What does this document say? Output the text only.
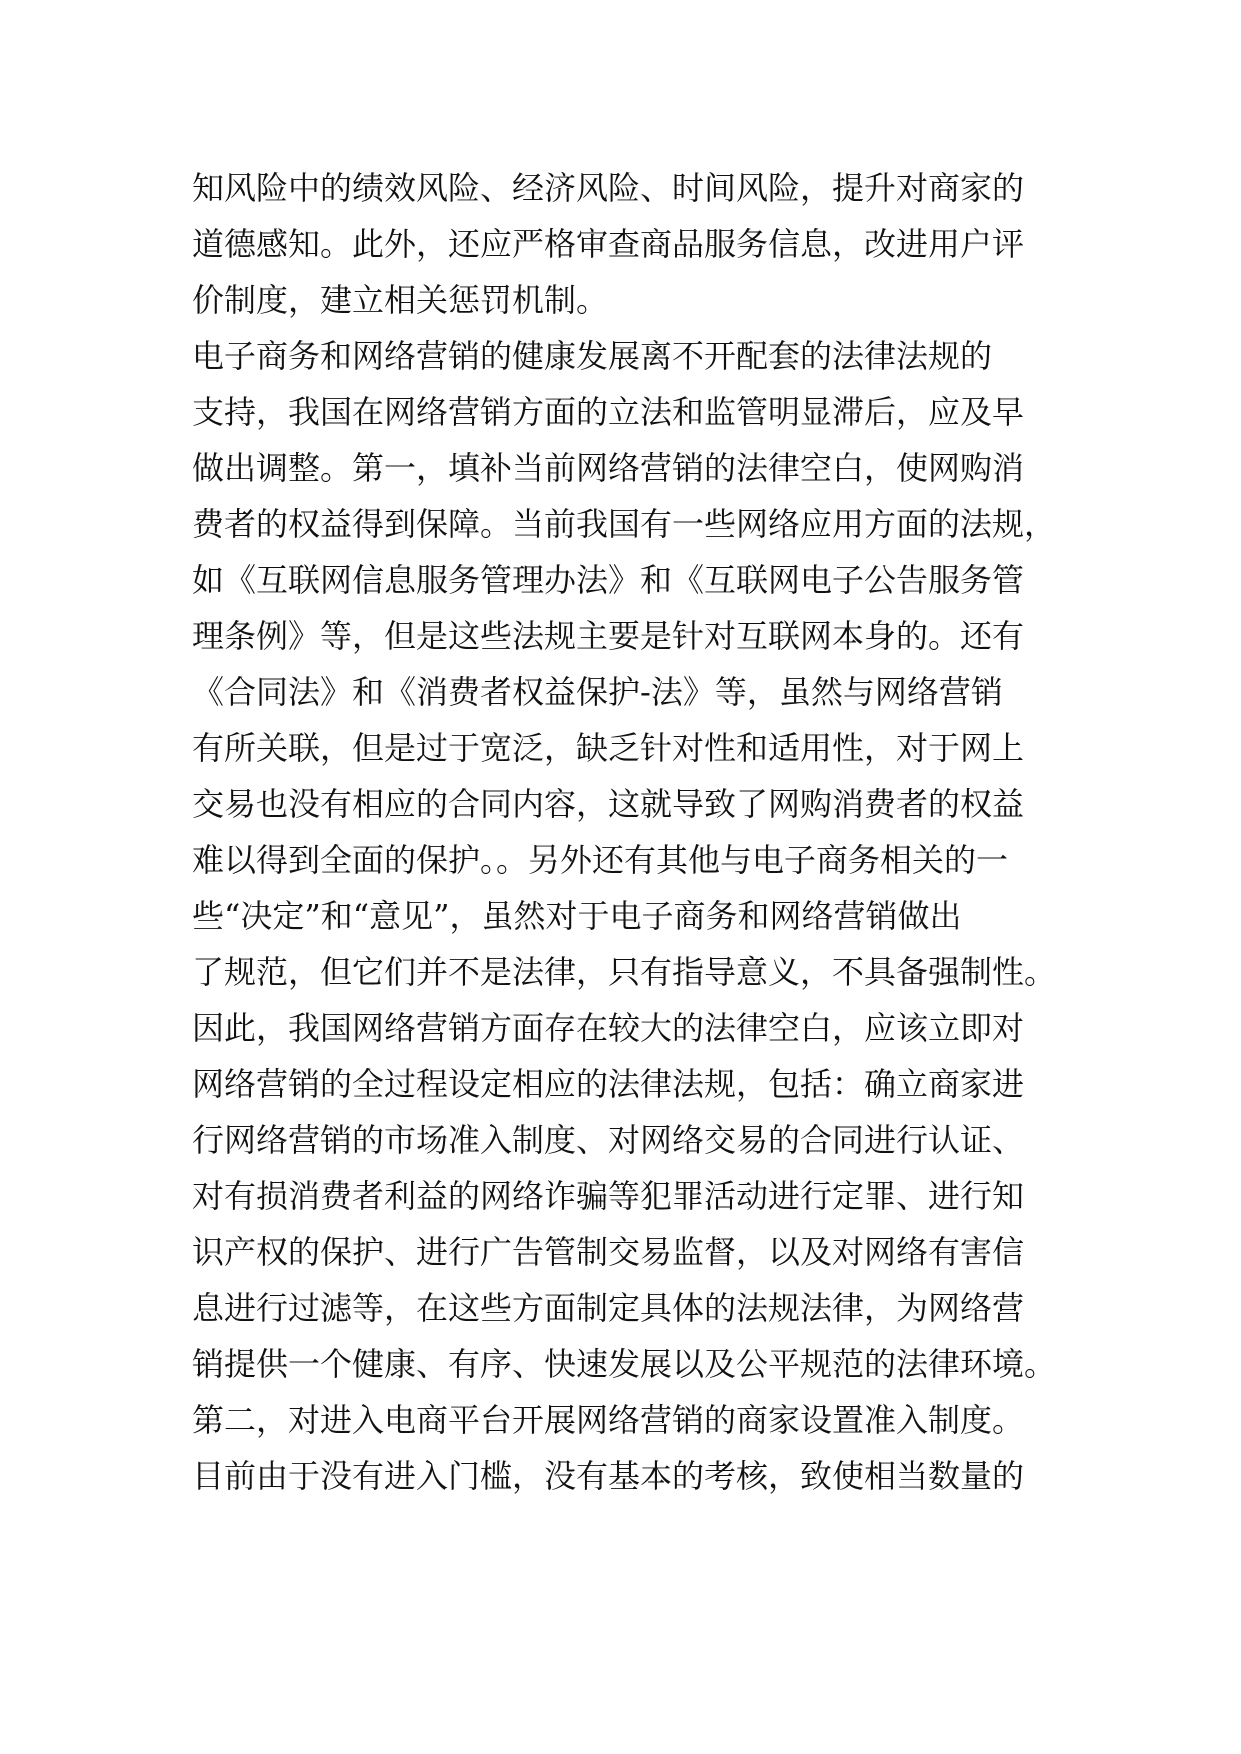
知风险中的绩效风险、经济风险、时间风险，提升对商家的
道德感知。此外，还应严格审查商品服务信息，改进用户评
价制度，建立相关惩罚机制。
电子商务和网络营销的健康发展离不开配套的法律法规的
支持，我国在网络营销方面的立法和监管明显滞后，应及早
做出调整。第一，填补当前网络营销的法律空白，使网购消
费者的权益得到保障。当前我国有一些网络应用方面的法规，
如《互联网信息服务管理办法》和《互联网电子公告服务管
理条例》等，但是这些法规主要是针对互联网本身的。还有
《合同法》和《消费者权益保护-法》等，虽然与网络营销
有所关联，但是过于宽泛，缺乏针对性和适用性，对于网上
交易也没有相应的合同内容，这就导致了网购消费者的权益
难以得到全面的保护。。另外还有其他与电子商务相关的一
些“决定”和“意见”，虽然对于电子商务和网络营销做出
了规范，但它们并不是法律，只有指导意义，不具备强制性。
因此，我国网络营销方面存在较大的法律空白，应该立即对
网络营销的全过程设定相应的法律法规，包括：确立商家进
行网络营销的市场准入制度、对网络交易的合同进行认证、
对有损消费者利益的网络诈骗等犯罪活动进行定罪、进行知
识产权的保护、进行广告管制交易监督，以及对网络有害信
息进行过滤等，在这些方面制定具体的法规法律，为网络营
销提供一个健康、有序、快速发展以及公平规范的法律环境。
第二，对进入电商平台开展网络营销的商家设置准入制度。
目前由于没有进入门槛，没有基本的考核，致使相当数量的
